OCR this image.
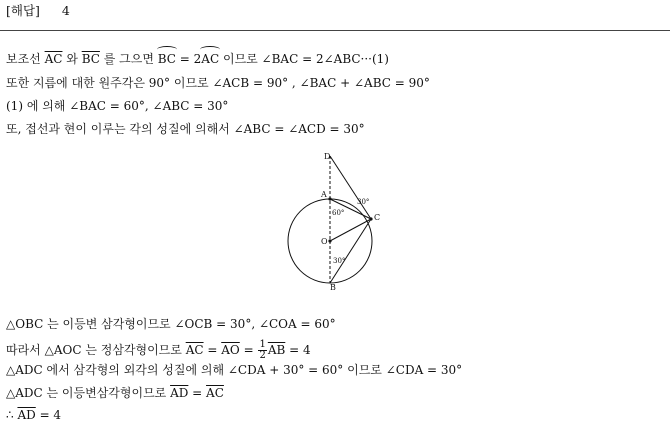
[해답] 4
보조선 $\overline{AC}$ 와 $\overline{BC}$ 를 그으면 BC = 2AC 이므로 ∠BAC = 2∠ABC···(1)
또한 지름에 대한 원주각은 90° 이므로 ∠ACB = 90° , ∠BAC + ∠ABC = 90°
(1) 에 의해 ∠BAC = 60°, ∠ABC = 30°
또, 접선과 현이 이루는 각의 성질에 의해서 ∠ABC = ∠ACD = 30°
D
A
C
O
B
60°
30°
30°
△OBC 는 이등변 삼각형이므로 ∠OCB = 30°, ∠COA = 60°
따라서 △AOC 는 정삼각형이므로 $\overline{AC} = \overline{AO} = \frac{1}{2} \overline{AB} = 4$
△ADC 에서 삼각형의 외각의 성질에 의해 ∠CDA + 30° = 60° 이므로 ∠CDA = 30°
△ADC 는 이등변삼각형이므로 $\overline{AD} = \overline{AC}$
∴ $\overline{AD} = 4$
